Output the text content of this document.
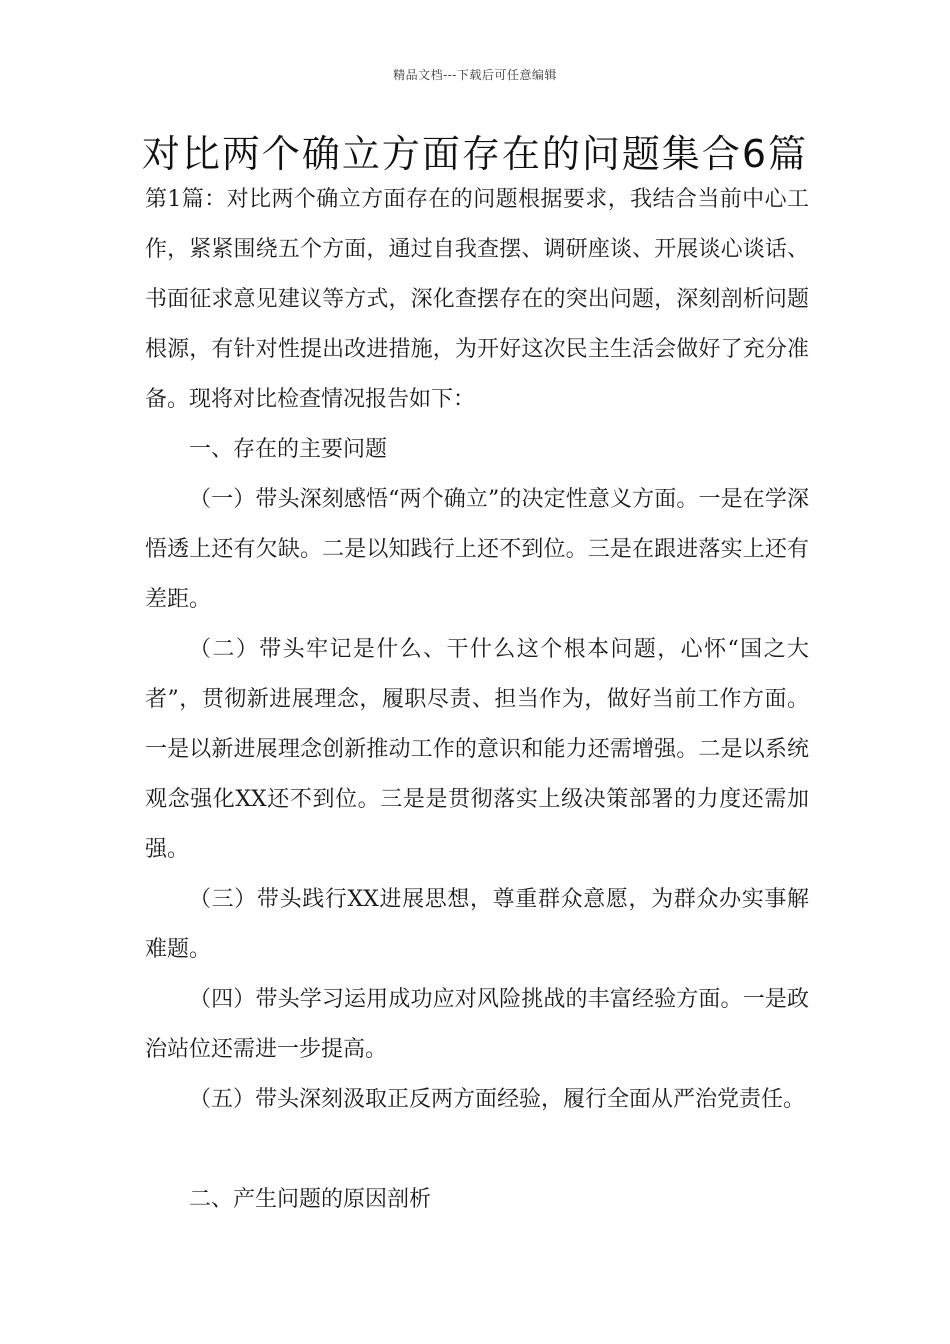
精品文档---下载后可任意编辑
对比两个确立方面存在的问题集合6篇

第1篇：对比两个确立方面存在的问题根据要求，我结合当前中心工作，紧紧围绕五个方面，通过自我查摆、调研座谈、开展谈心谈话、书面征求意见建议等方式，深化查摆存在的突出问题，深刻剖析问题根源，有针对性提出改进措施，为开好这次民主生活会做好了充分准备。现将对比检查情况报告如下：

一、存在的主要问题

（一）带头深刻感悟“两个确立”的决定性意义方面。一是在学深悟透上还有欠缺。二是以知践行上还不到位。三是在跟进落实上还有差距。

（二）带头牢记是什么、干什么这个根本问题，心怀“国之大者”，贯彻新进展理念，履职尽责、担当作为，做好当前工作方面。一是以新进展理念创新推动工作的意识和能力还需增强。二是以系统观念强化XX还不到位。三是是贯彻落实上级决策部署的力度还需加强。

（三）带头践行XX进展思想，尊重群众意愿，为群众办实事解难题。

（四）带头学习运用成功应对风险挑战的丰富经验方面。一是政治站位还需进一步提高。

（五）带头深刻汲取正反两方面经验，履行全面从严治党责任。

二、产生问题的原因剖析
